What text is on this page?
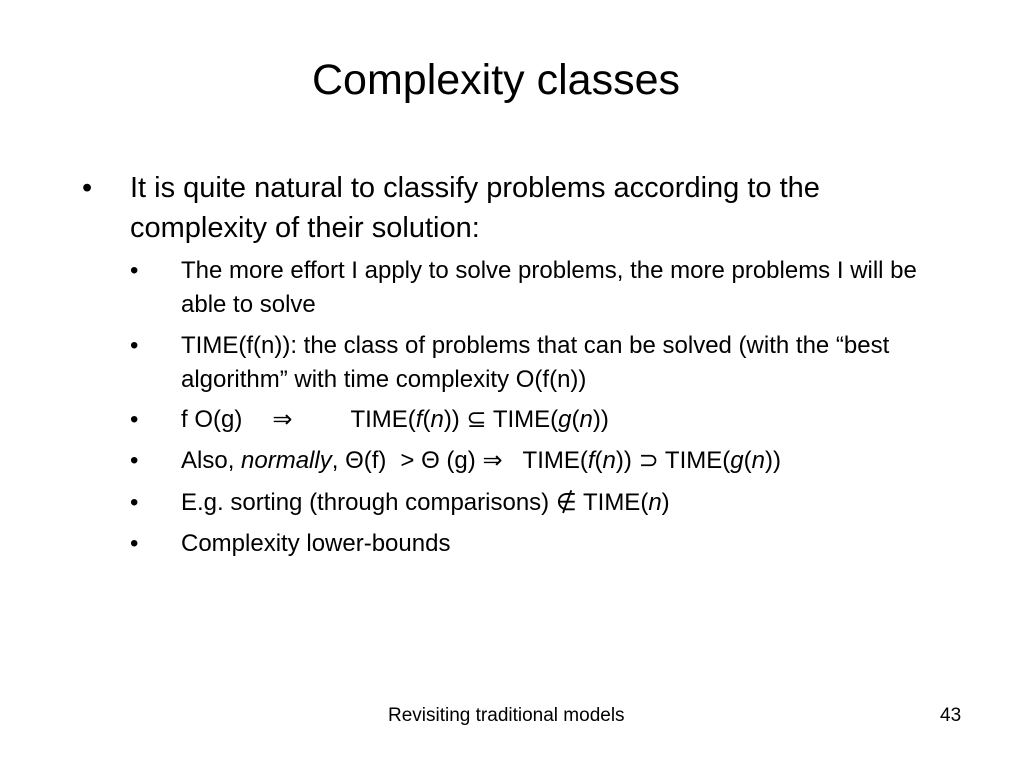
Complexity classes
• It is quite natural to classify problems according to the complexity of their solution:
• The more effort I apply to solve problems, the more problems I will be able to solve
• TIME(f(n)): the class of problems that can be solved (with the “best algorithm” with time complexity O(f(n))
• f O(g) ⇒ TIME(f(n)) ⊆ TIME(g(n))
• Also, normally, Θ(f) > Θ (g) ⇒ TIME(f(n)) ⊃ TIME(g(n))
• E.g. sorting (through comparisons) ∉ TIME(n)
• Complexity lower-bounds
Revisiting traditional models	43
